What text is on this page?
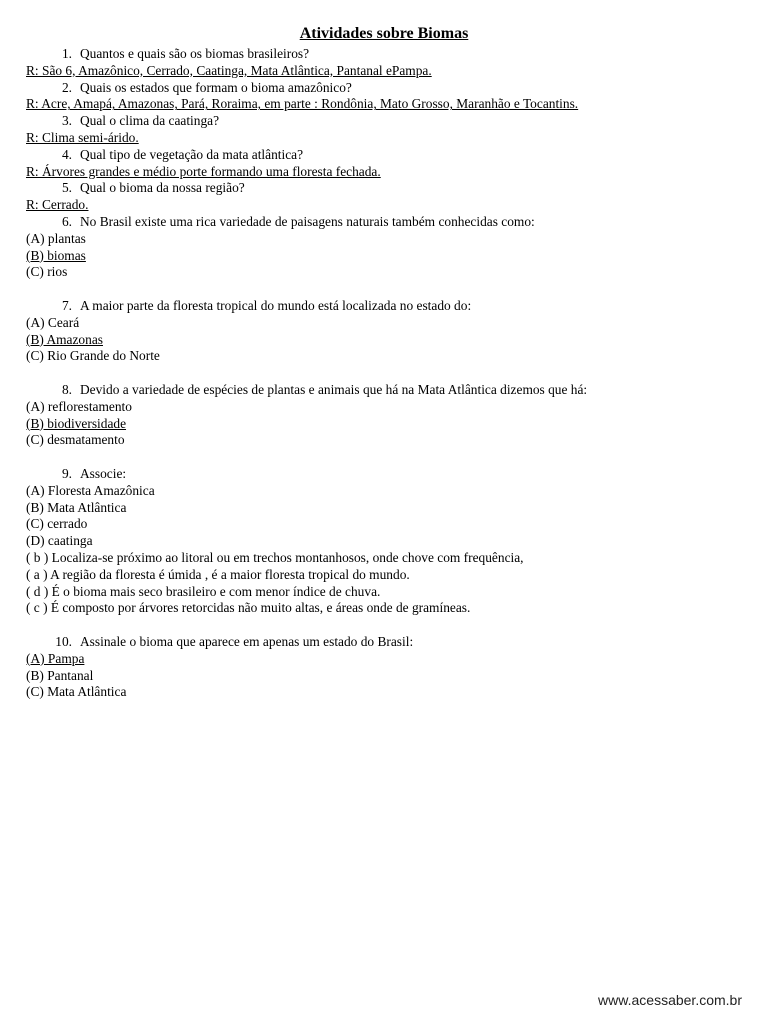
Atividades sobre Biomas
1. Quantos e quais são os biomas brasileiros?
R: São 6, Amazônico, Cerrado, Caatinga, Mata Atlântica, Pantanal ePampa.
2. Quais os estados que formam o bioma amazônico?
R: Acre, Amapá, Amazonas, Pará, Roraima, em parte : Rondônia, Mato Grosso, Maranhão e Tocantins.
3. Qual o clima da caatinga?
R: Clima semi-árido.
4. Qual tipo de vegetação da mata atlântica?
R: Árvores grandes e médio porte formando uma floresta fechada.
5. Qual o bioma da nossa região?
R: Cerrado.
6. No Brasil existe uma rica variedade de paisagens naturais também conhecidas como:
(A) plantas
(B) biomas
(C) rios
7. A maior parte da floresta tropical do mundo está localizada no estado do:
(A) Ceará
(B) Amazonas
(C) Rio Grande do Norte
8. Devido a variedade de espécies de plantas e animais que há na Mata Atlântica dizemos que há:
(A) reflorestamento
(B) biodiversidade
(C) desmatamento
9. Associe:
(A) Floresta Amazônica
(B) Mata Atlântica
(C) cerrado
(D) caatinga
( b ) Localiza-se próximo ao litoral ou em trechos montanhosos, onde chove com frequência,
( a ) A região da floresta é úmida , é a maior floresta tropical do mundo.
( d ) É o bioma mais seco brasileiro e com menor índice de chuva.
( c ) É composto por árvores retorcidas não muito altas, e áreas onde de gramíneas.
10. Assinale o bioma que aparece em apenas um estado do Brasil:
(A) Pampa
(B) Pantanal
(C) Mata Atlântica
www.acessaber.com.br
